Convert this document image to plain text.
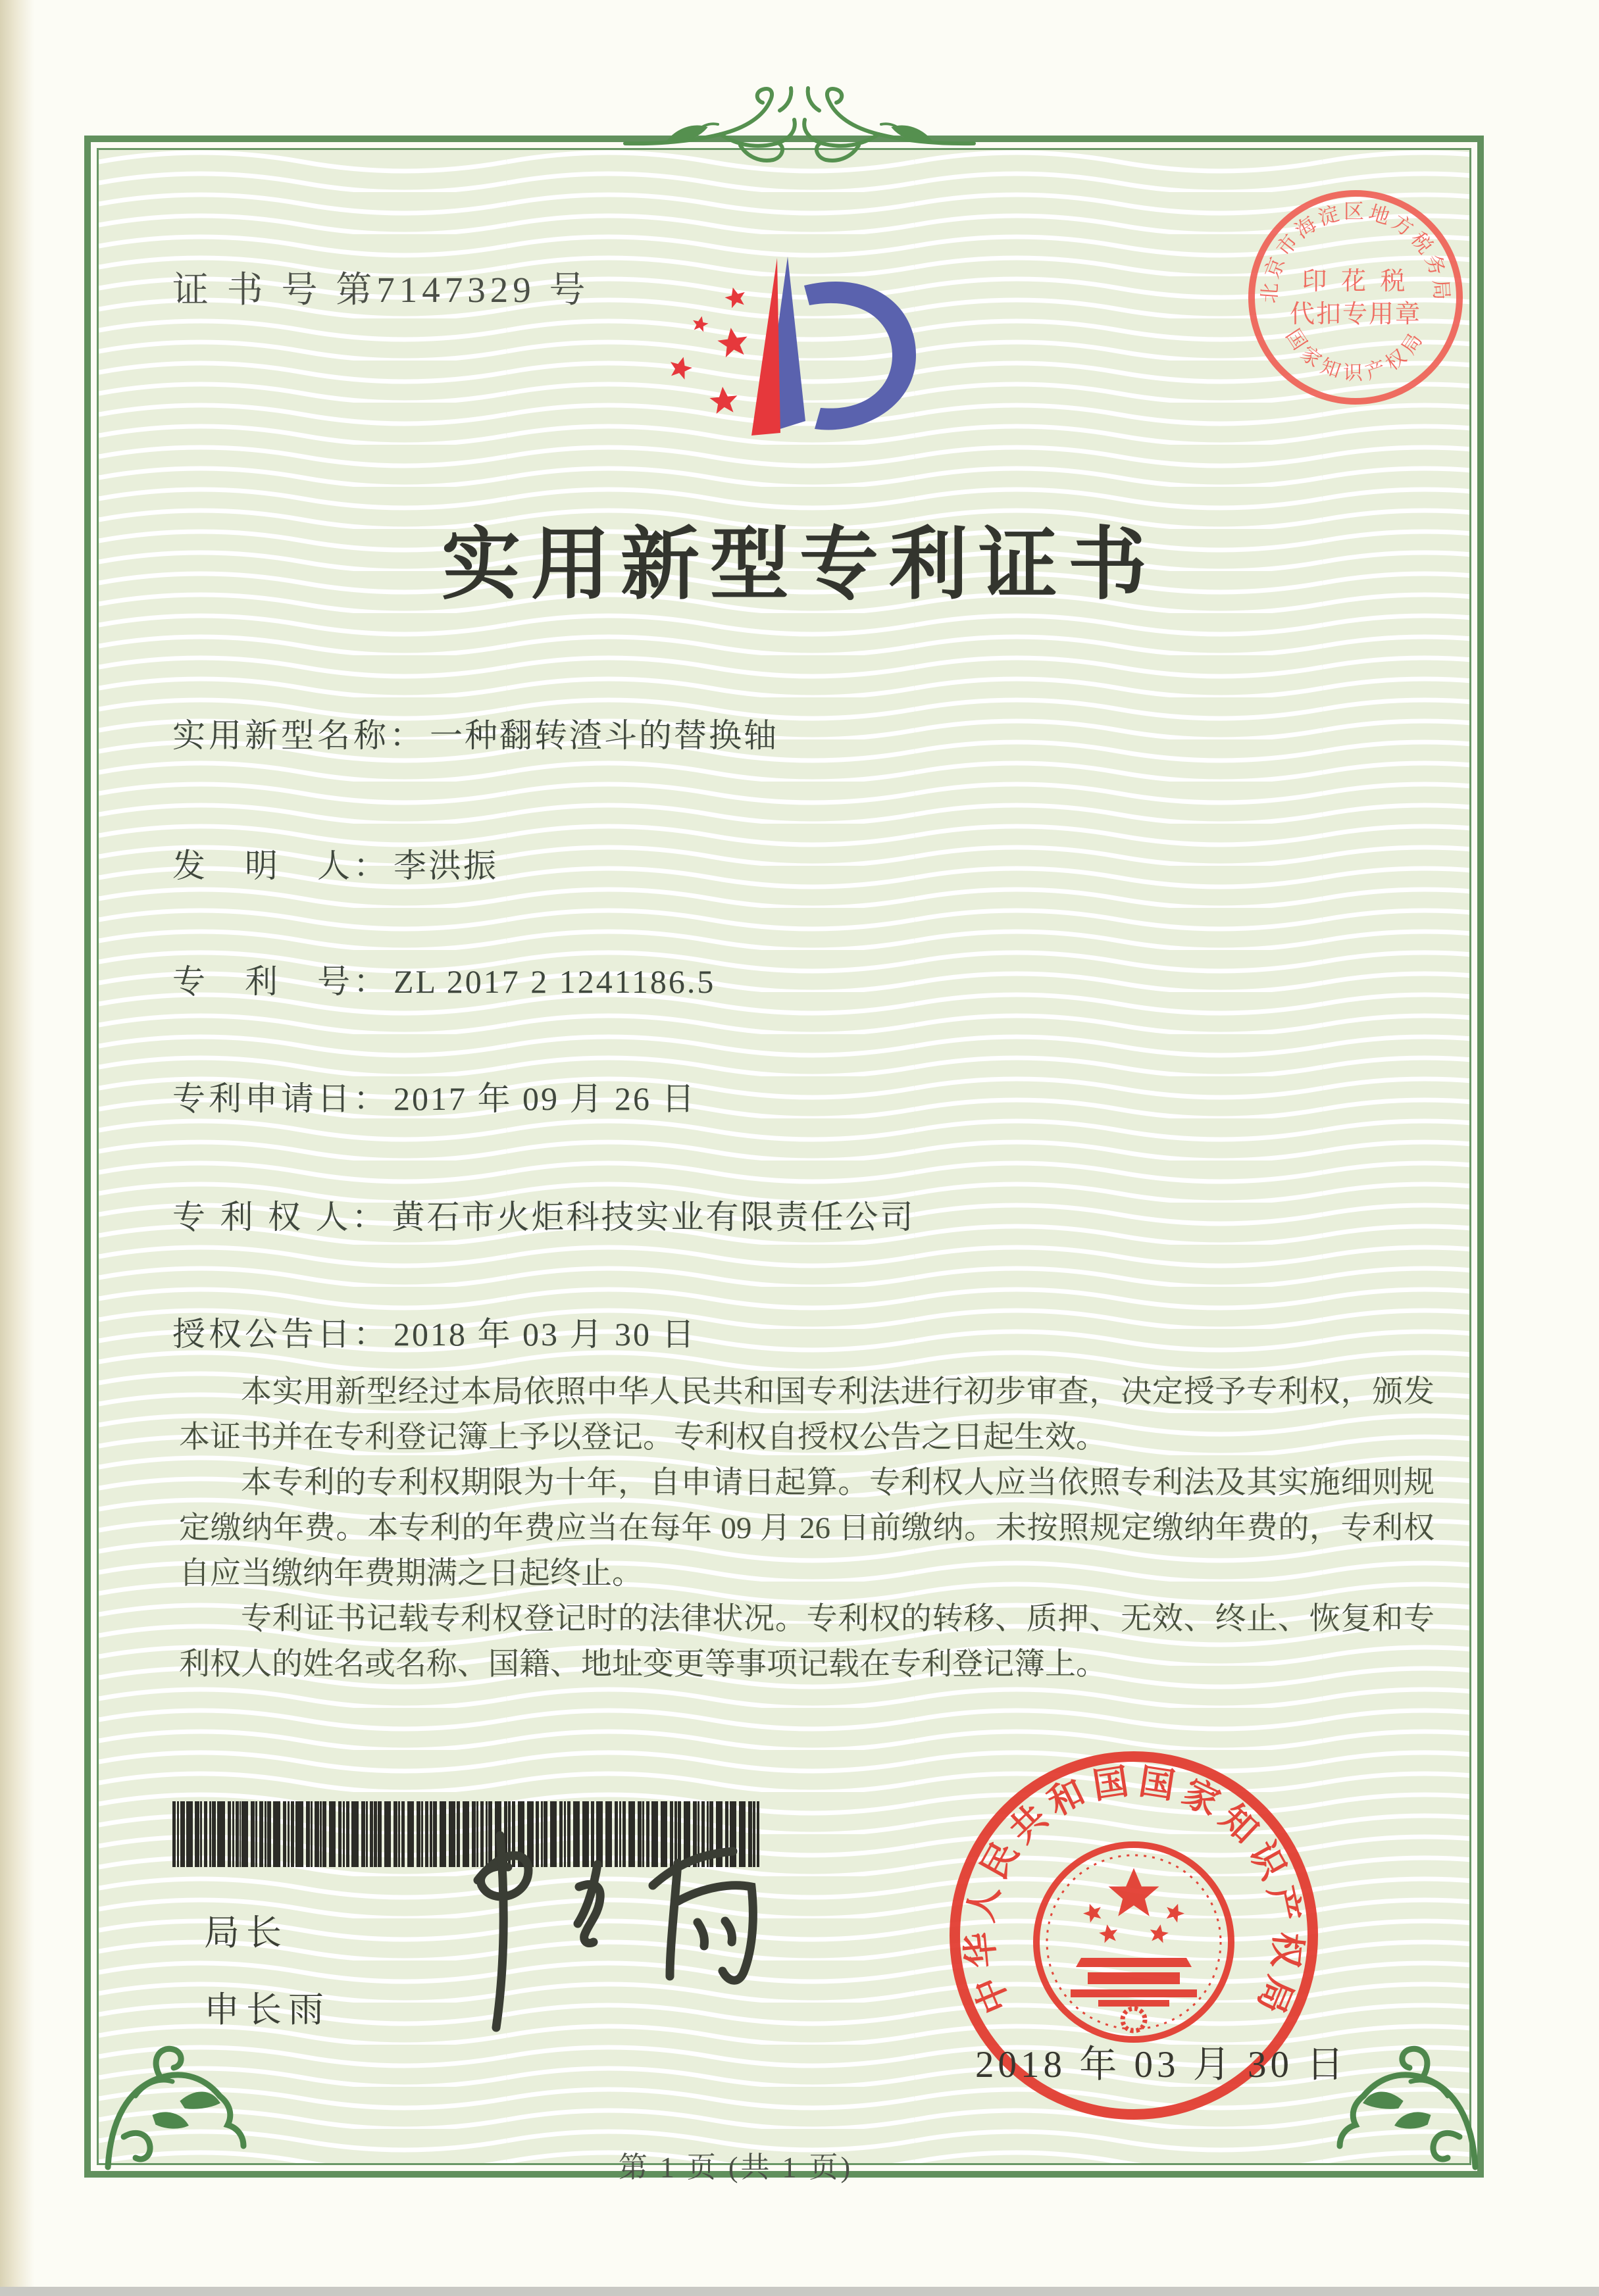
北京市海淀区地方税务局
国家知识产权局
印 花 税
代扣专用章
证 书 号 第7147329 号
实用新型专利证书
实用新型名称： 一种翻转渣斗的替换轴
发　明　人： 李洪振
专　利　号： ZL 2017 2 1241186.5
专利申请日： 2017 年 09 月 26 日
专 利 权 人： 黄石市火炬科技实业有限责任公司
授权公告日： 2018 年 03 月 30 日

本实用新型经过本局依照中华人民共和国专利法进行初步审查，决定授予专利权，颁发本证书并在专利登记簿上予以登记。专利权自授权公告之日起生效。

本专利的专利权期限为十年，自申请日起算。专利权人应当依照专利法及其实施细则规定缴纳年费。本专利的年费应当在每年 09 月 26 日前缴纳。未按照规定缴纳年费的，专利权自应当缴纳年费期满之日起终止。

专利证书记载专利权登记时的法律状况。专利权的转移、质押、无效、终止、恢复和专利权人的姓名或名称、国籍、地址变更等事项记载在专利登记簿上。

局长
申长雨	中华人民共和国国家知识产权局
2018 年 03 月 30 日
第 1 页 (共 1 页)
